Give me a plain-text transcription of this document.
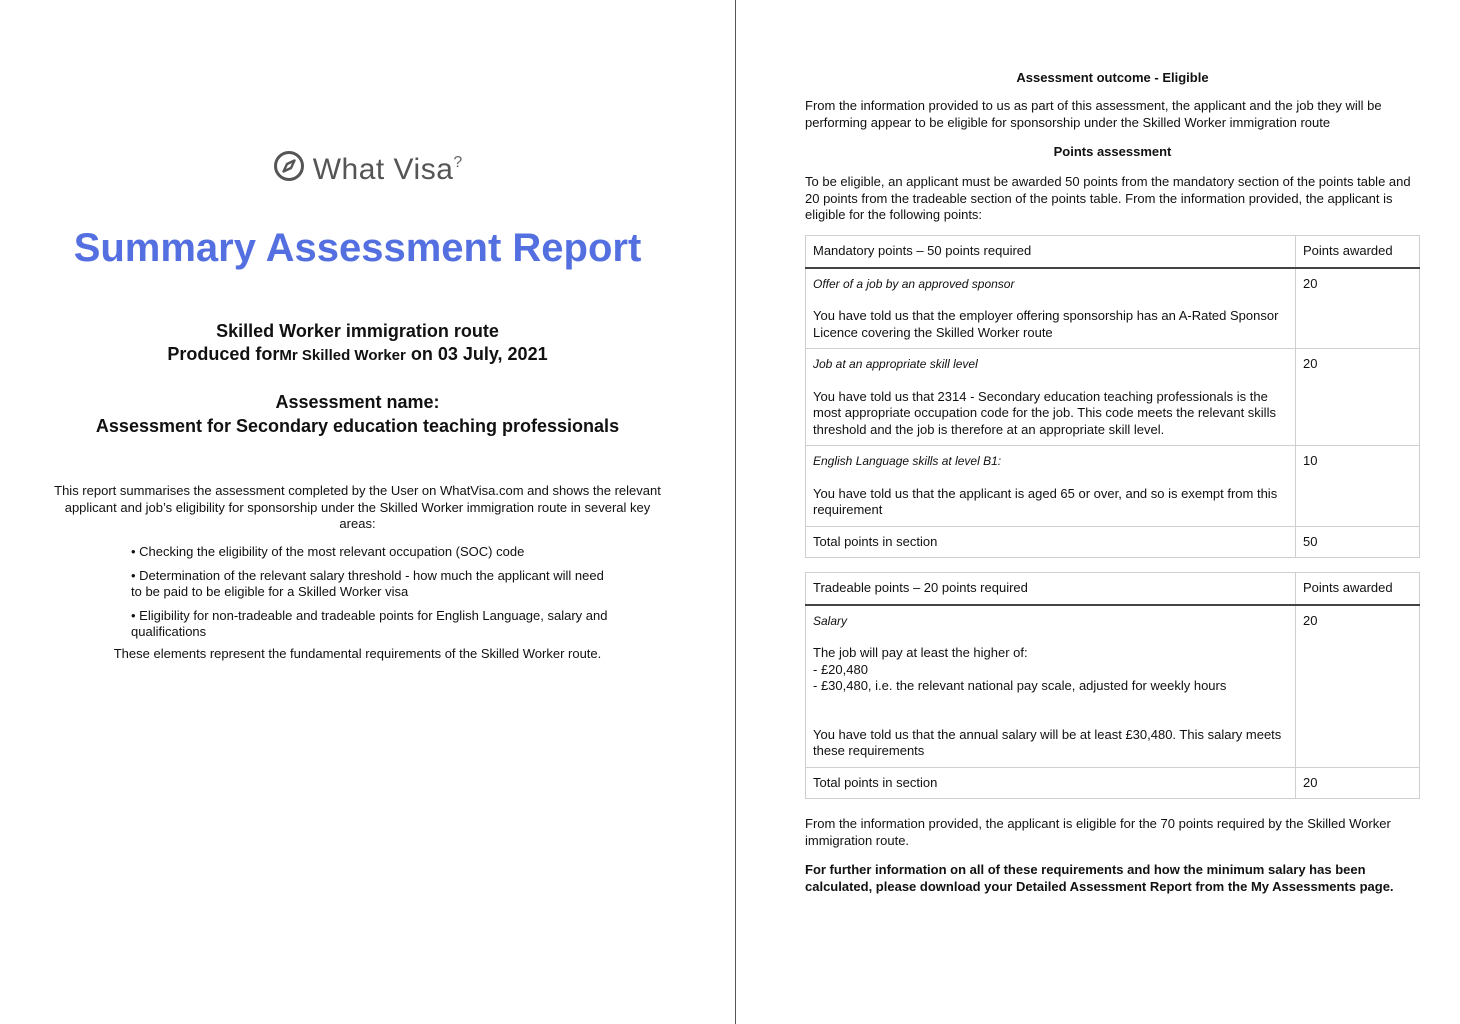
What Visa?
Summary Assessment Report
Skilled Worker immigration route
Produced forMr Skilled Worker on 03 July, 2021
Assessment name:
Assessment for Secondary education teaching professionals

This report summarises the assessment completed by the User on WhatVisa.com and shows the relevant applicant and job’s eligibility for sponsorship under the Skilled Worker immigration route in several key areas:

• Checking the eligibility of the most relevant occupation (SOC) code
• Determination of the relevant salary threshold - how much the applicant will need to be paid to be eligible for a Skilled Worker visa
• Eligibility for non-tradeable and tradeable points for English Language, salary and qualifications

These elements represent the fundamental requirements of the Skilled Worker route.

Assessment outcome - Eligible

From the information provided to us as part of this assessment, the applicant and the job they will be performing appear to be eligible for sponsorship under the Skilled Worker immigration route

Points assessment

To be eligible, an applicant must be awarded 50 points from the mandatory section of the points table and 20 points from the tradeable section of the points table. From the information provided, the applicant is eligible for the following points:

Mandatory points – 50 points required	Points awarded

Offer of a job by an approved sponsor
You have told us that the employer offering sponsorship has an A-Rated Sponsor Licence covering the Skilled Worker route	20

Job at an appropriate skill level
You have told us that 2314 - Secondary education teaching professionals is the most appropriate occupation code for the job. This code meets the relevant skills threshold and the job is therefore at an appropriate skill level.	20

English Language skills at level B1:
You have told us that the applicant is aged 65 or over, and so is exempt from this requirement	10
Total points in section	50
Tradeable points – 20 points required	Points awarded

Salary
The job will pay at least the higher of:
- £20,480
- £30,480, i.e. the relevant national pay scale, adjusted for weekly hours
You have told us that the annual salary will be at least £30,480. This salary meets these requirements	20
Total points in section	20

From the information provided, the applicant is eligible for the 70 points required by the Skilled Worker immigration route.

For further information on all of these requirements and how the minimum salary has been calculated, please download your Detailed Assessment Report from the My Assessments page.
